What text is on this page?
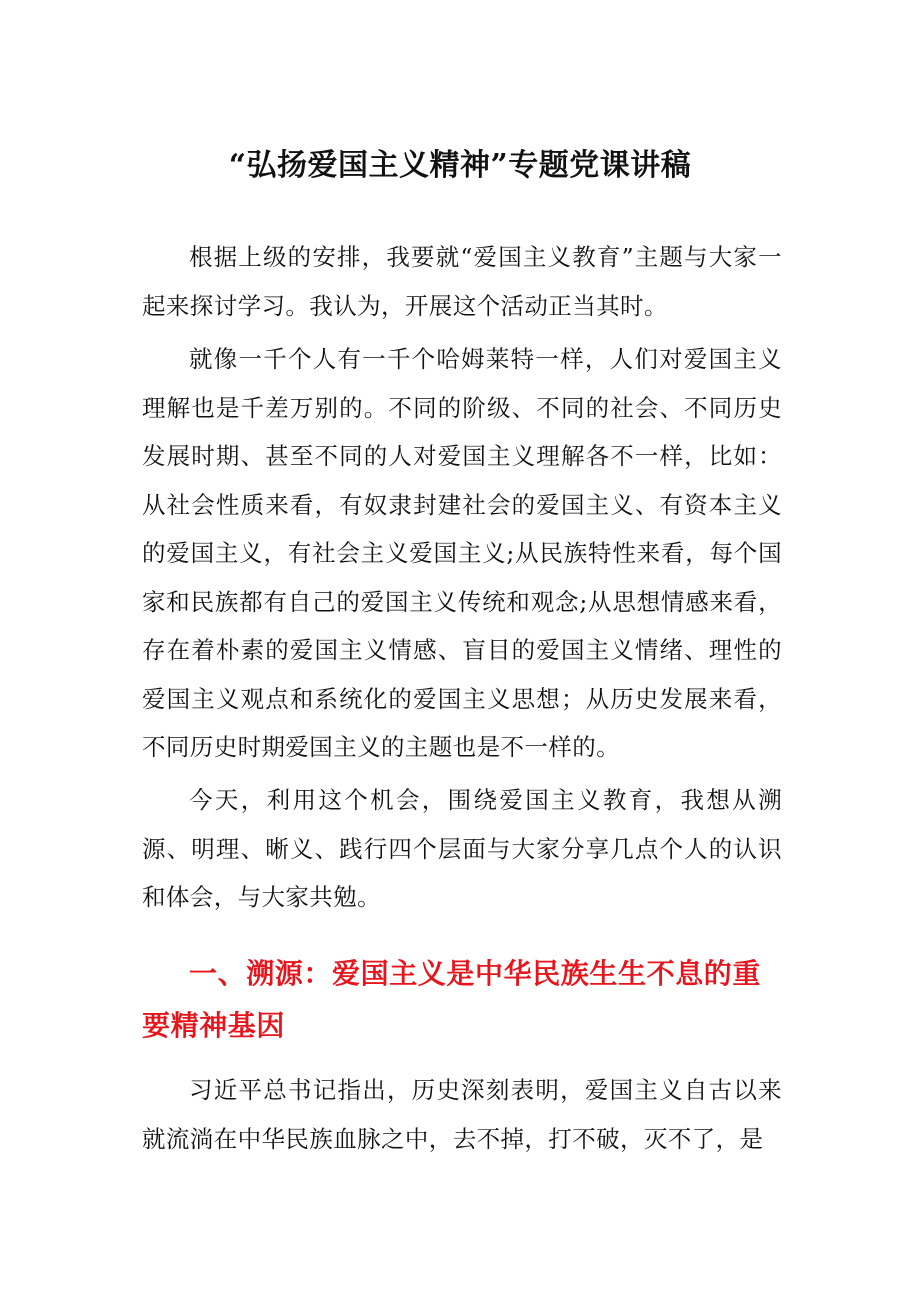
“弘扬爱国主义精神”专题党课讲稿
根据上级的安排，我要就“爱国主义教育”主题与大家一起来探讨学习。我认为，开展这个活动正当其时。
就像一千个人有一千个哈姆莱特一样，人们对爱国主义理解也是千差万别的。不同的阶级、不同的社会、不同历史发展时期、甚至不同的人对爱国主义理解各不一样，比如：从社会性质来看，有奴隶封建社会的爱国主义、有资本主义的爱国主义，有社会主义爱国主义;从民族特性来看，每个国家和民族都有自己的爱国主义传统和观念;从思想情感来看，存在着朴素的爱国主义情感、盲目的爱国主义情绪、理性的爱国主义观点和系统化的爱国主义思想；从历史发展来看，不同历史时期爱国主义的主题也是不一样的。
今天，利用这个机会，围绕爱国主义教育，我想从溯源、明理、晰义、践行四个层面与大家分享几点个人的认识和体会，与大家共勉。
一、溯源：爱国主义是中华民族生生不息的重要精神基因
习近平总书记指出，历史深刻表明，爱国主义自古以来就流淌在中华民族血脉之中，去不掉，打不破，灭不了，是
